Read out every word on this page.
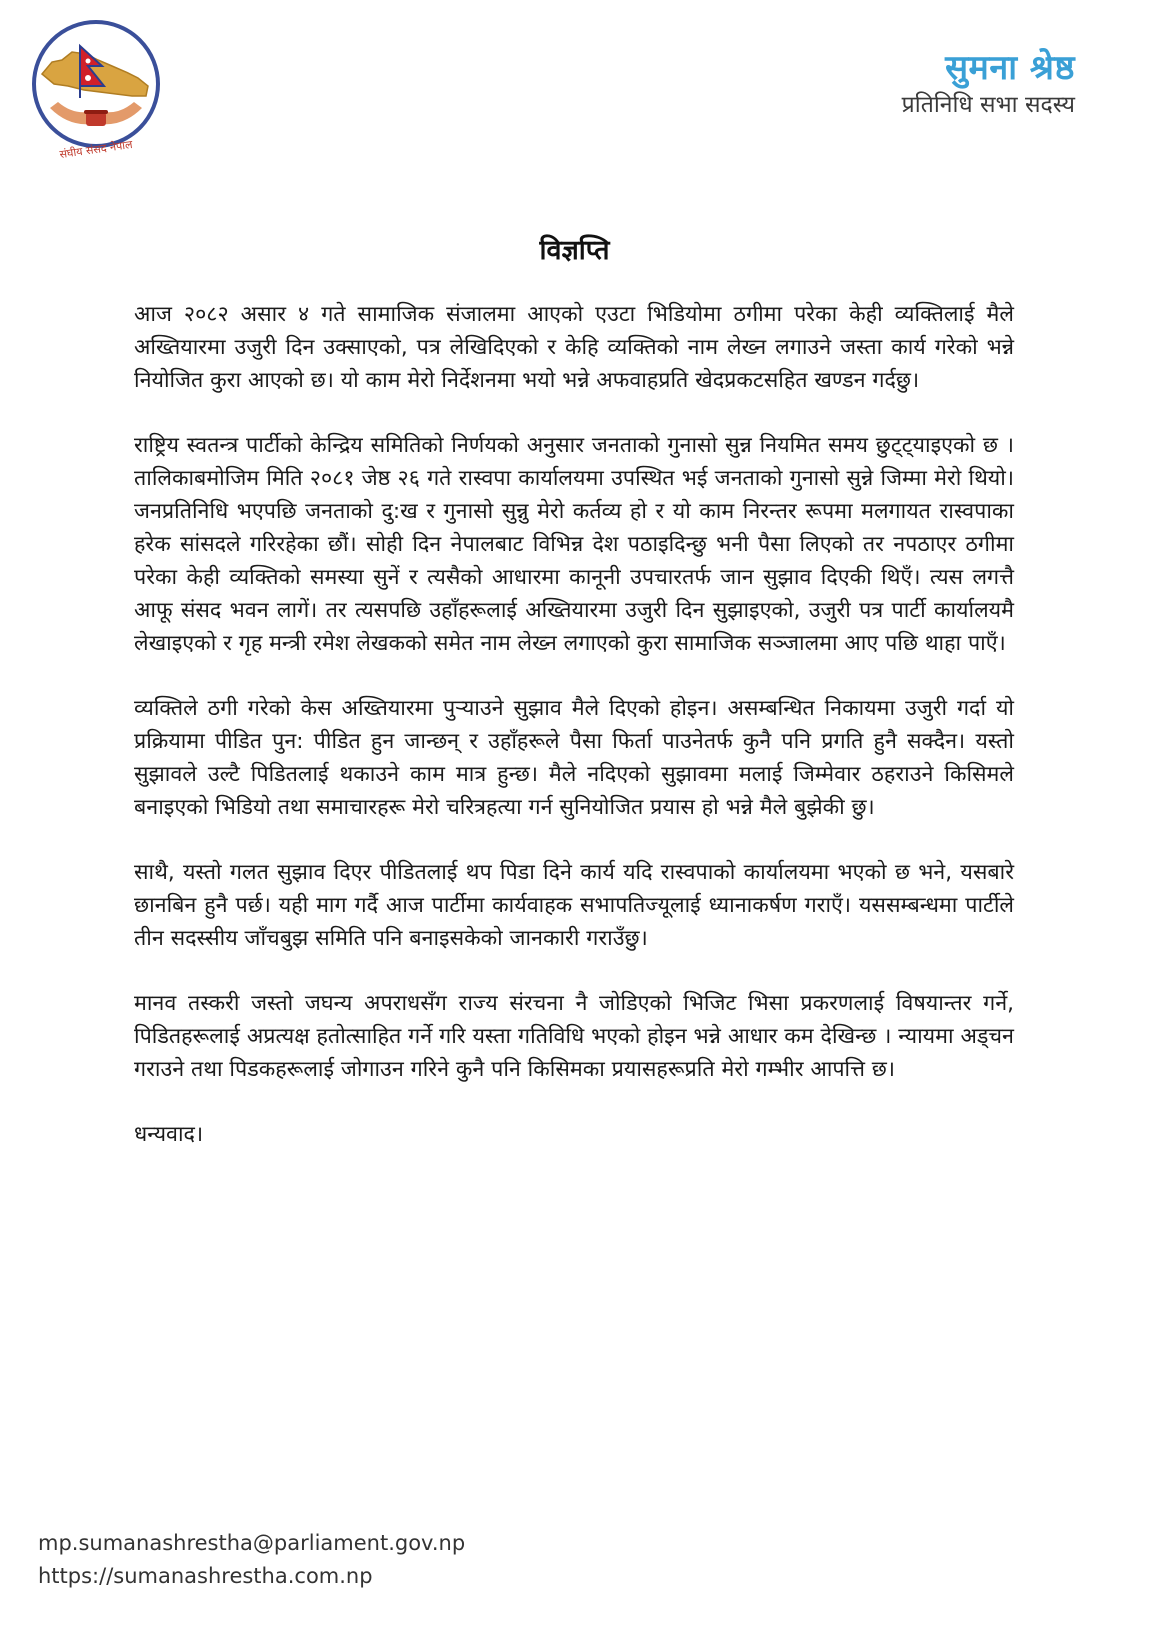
संघीय संसद नेपाल
सुमना श्रेष्ठ
प्रतिनिधि सभा सदस्य
विज्ञप्ति

आज २०८२ असार ४ गते सामाजिक संजालमा आएको एउटा भिडियोमा ठगीमा परेका केही व्यक्तिलाई मैले अख्तियारमा उजुरी दिन उक्साएको, पत्र लेखिदिएको र केहि व्यक्तिको नाम लेख्न लगाउने जस्ता कार्य गरेको भन्ने नियोजित कुरा आएको छ। यो काम मेरो निर्देशनमा भयो भन्ने अफवाहप्रति खेदप्रकटसहित खण्डन गर्दछु।

राष्ट्रिय स्वतन्त्र पार्टीको केन्द्रिय समितिको निर्णयको अनुसार जनताको गुनासो सुन्न नियमित समय छुट्ट्याइएको छ । तालिकाबमोजिम मिति २०८१ जेष्ठ २६ गते रास्वपा कार्यालयमा उपस्थित भई जनताको गुनासो सुन्ने जिम्मा मेरो थियो। जनप्रतिनिधि भएपछि जनताको दु:ख र गुनासो सुन्नु मेरो कर्तव्य हो र यो काम निरन्तर रूपमा मलगायत रास्वपाका हरेक सांसदले गरिरहेका छौं। सोही दिन नेपालबाट विभिन्न देश पठाइदिन्छु भनी पैसा लिएको तर नपठाएर ठगीमा परेका केही व्यक्तिको समस्या सुनें र त्यसैको आधारमा कानूनी उपचारतर्फ जान सुझाव दिएकी थिएँ। त्यस लगत्तै आफू संसद भवन लागें। तर त्यसपछि उहाँहरूलाई अख्तियारमा उजुरी दिन सुझाइएको, उजुरी पत्र पार्टी कार्यालयमै लेखाइएको र गृह मन्त्री रमेश लेखकको समेत नाम लेख्न लगाएको कुरा सामाजिक सञ्जालमा आए पछि थाहा पाएँ।

व्यक्तिले ठगी गरेको केस अख्तियारमा पुर्‍याउने सुझाव मैले दिएको होइन। असम्बन्धित निकायमा उजुरी गर्दा यो प्रक्रियामा पीडित पुन: पीडित हुन जान्छन् र उहाँहरूले पैसा फिर्ता पाउनेतर्फ कुनै पनि प्रगति हुनै सक्दैन। यस्तो सुझावले उल्टै पिडितलाई थकाउने काम मात्र हुन्छ। मैले नदिएको सुझावमा मलाई जिम्मेवार ठहराउने किसिमले बनाइएको भिडियो तथा समाचारहरू मेरो चरित्रहत्या गर्न सुनियोजित प्रयास हो भन्ने मैले बुझेकी छु।

साथै, यस्तो गलत सुझाव दिएर पीडितलाई थप पिडा दिने कार्य यदि रास्वपाको कार्यालयमा भएको छ भने, यसबारे छानबिन हुनै पर्छ। यही माग गर्दै आज पार्टीमा कार्यवाहक सभापतिज्यूलाई ध्यानाकर्षण गराएँ। यससम्बन्धमा पार्टीले तीन सदस्सीय जाँचबुझ समिति पनि बनाइसकेको जानकारी गराउँछु।

मानव तस्करी जस्तो जघन्य अपराधसँग राज्य संरचना नै जोडिएको भिजिट भिसा प्रकरणलाई विषयान्तर गर्ने, पिडितहरूलाई अप्रत्यक्ष हतोत्साहित गर्ने गरि यस्ता गतिविधि भएको होइन भन्ने आधार कम देखिन्छ । न्यायमा अड्चन गराउने तथा पिडकहरूलाई जोगाउन गरिने कुनै पनि किसिमका प्रयासहरूप्रति मेरो गम्भीर आपत्ति छ।

धन्यवाद।
mp.sumanashrestha@parliament.gov.np
https://sumanashrestha.com.np
